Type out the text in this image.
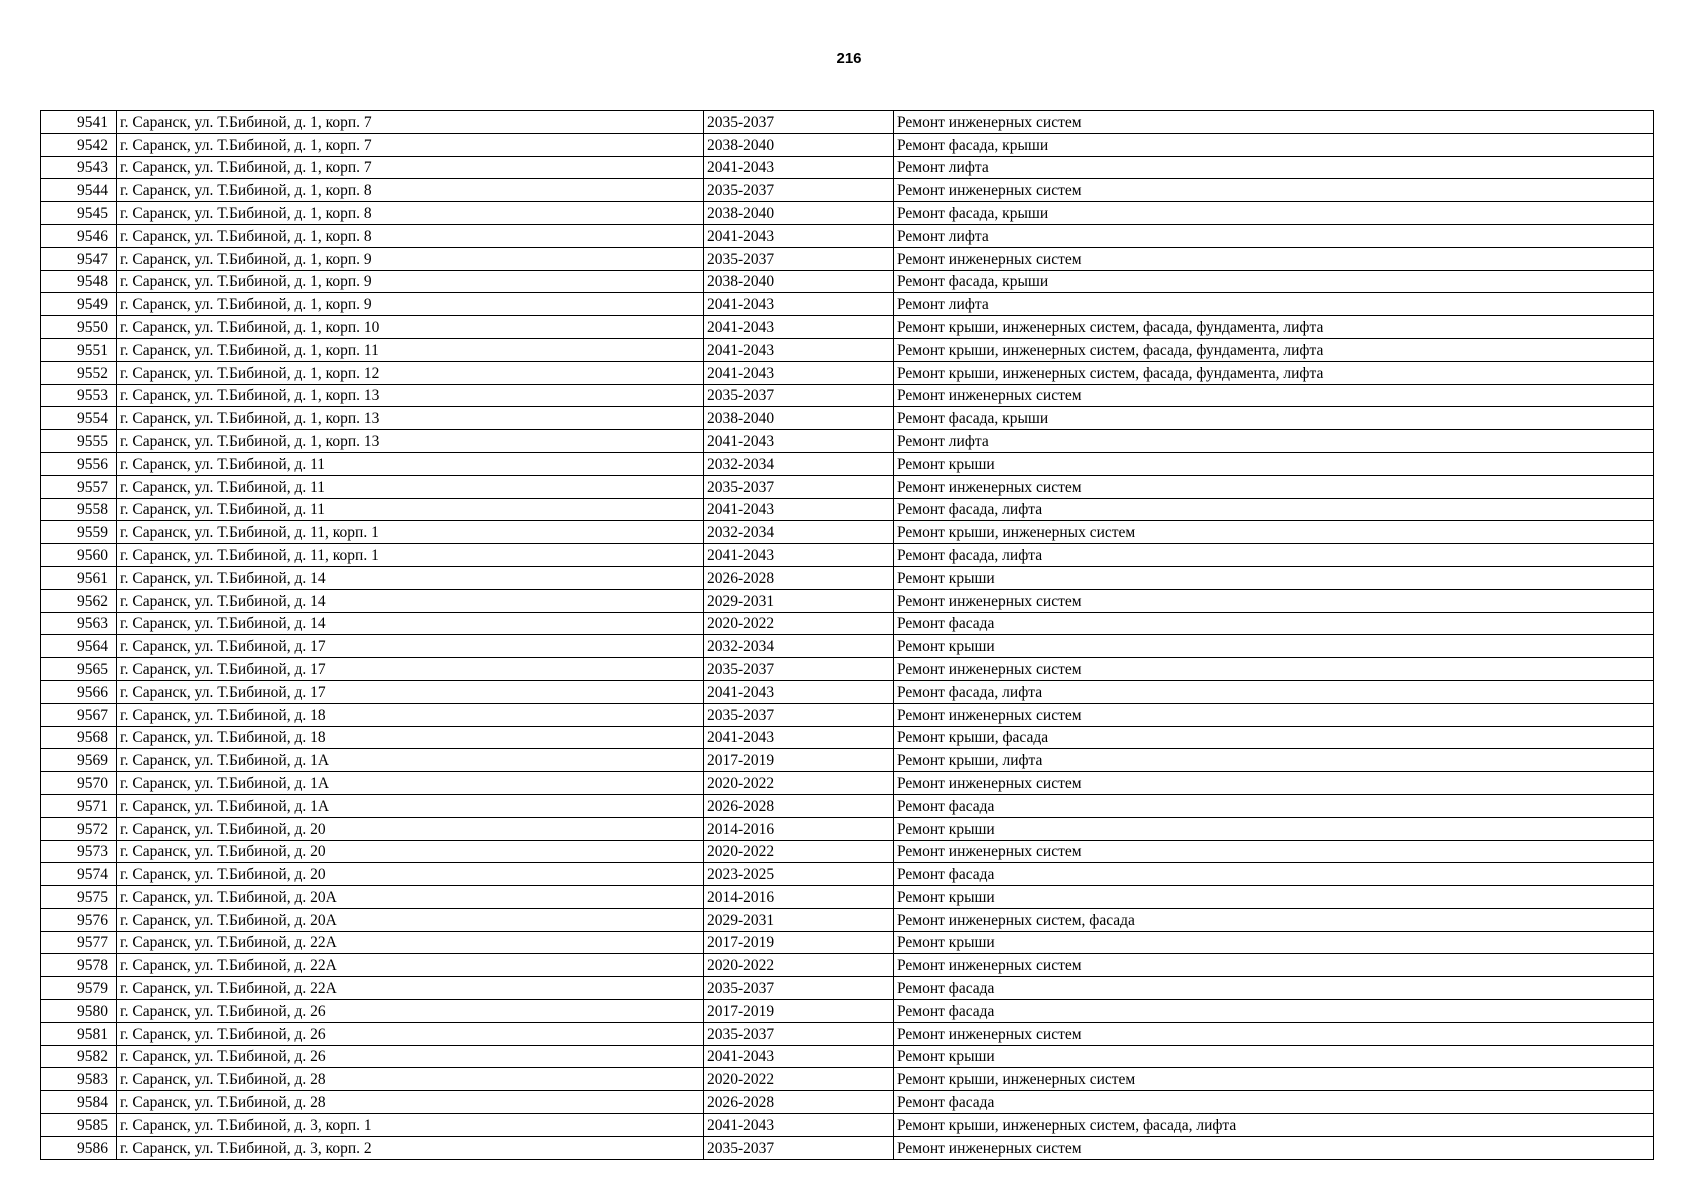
216
9541	г. Саранск, ул. Т.Бибиной, д. 1, корп. 7	2035-2037	Ремонт инженерных систем
9542	г. Саранск, ул. Т.Бибиной, д. 1, корп. 7	2038-2040	Ремонт фасада, крыши
9543	г. Саранск, ул. Т.Бибиной, д. 1, корп. 7	2041-2043	Ремонт лифта
9544	г. Саранск, ул. Т.Бибиной, д. 1, корп. 8	2035-2037	Ремонт инженерных систем
9545	г. Саранск, ул. Т.Бибиной, д. 1, корп. 8	2038-2040	Ремонт фасада, крыши
9546	г. Саранск, ул. Т.Бибиной, д. 1, корп. 8	2041-2043	Ремонт лифта
9547	г. Саранск, ул. Т.Бибиной, д. 1, корп. 9	2035-2037	Ремонт инженерных систем
9548	г. Саранск, ул. Т.Бибиной, д. 1, корп. 9	2038-2040	Ремонт фасада, крыши
9549	г. Саранск, ул. Т.Бибиной, д. 1, корп. 9	2041-2043	Ремонт лифта
9550	г. Саранск, ул. Т.Бибиной, д. 1, корп. 10	2041-2043	Ремонт крыши, инженерных систем, фасада, фундамента, лифта
9551	г. Саранск, ул. Т.Бибиной, д. 1, корп. 11	2041-2043	Ремонт крыши, инженерных систем, фасада, фундамента, лифта
9552	г. Саранск, ул. Т.Бибиной, д. 1, корп. 12	2041-2043	Ремонт крыши, инженерных систем, фасада, фундамента, лифта
9553	г. Саранск, ул. Т.Бибиной, д. 1, корп. 13	2035-2037	Ремонт инженерных систем
9554	г. Саранск, ул. Т.Бибиной, д. 1, корп. 13	2038-2040	Ремонт фасада, крыши
9555	г. Саранск, ул. Т.Бибиной, д. 1, корп. 13	2041-2043	Ремонт лифта
9556	г. Саранск, ул. Т.Бибиной, д. 11	2032-2034	Ремонт крыши
9557	г. Саранск, ул. Т.Бибиной, д. 11	2035-2037	Ремонт инженерных систем
9558	г. Саранск, ул. Т.Бибиной, д. 11	2041-2043	Ремонт фасада, лифта
9559	г. Саранск, ул. Т.Бибиной, д. 11, корп. 1	2032-2034	Ремонт крыши, инженерных систем
9560	г. Саранск, ул. Т.Бибиной, д. 11, корп. 1	2041-2043	Ремонт фасада, лифта
9561	г. Саранск, ул. Т.Бибиной, д. 14	2026-2028	Ремонт крыши
9562	г. Саранск, ул. Т.Бибиной, д. 14	2029-2031	Ремонт инженерных систем
9563	г. Саранск, ул. Т.Бибиной, д. 14	2020-2022	Ремонт фасада
9564	г. Саранск, ул. Т.Бибиной, д. 17	2032-2034	Ремонт крыши
9565	г. Саранск, ул. Т.Бибиной, д. 17	2035-2037	Ремонт инженерных систем
9566	г. Саранск, ул. Т.Бибиной, д. 17	2041-2043	Ремонт фасада, лифта
9567	г. Саранск, ул. Т.Бибиной, д. 18	2035-2037	Ремонт инженерных систем
9568	г. Саранск, ул. Т.Бибиной, д. 18	2041-2043	Ремонт крыши, фасада
9569	г. Саранск, ул. Т.Бибиной, д. 1А	2017-2019	Ремонт крыши, лифта
9570	г. Саранск, ул. Т.Бибиной, д. 1А	2020-2022	Ремонт инженерных систем
9571	г. Саранск, ул. Т.Бибиной, д. 1А	2026-2028	Ремонт фасада
9572	г. Саранск, ул. Т.Бибиной, д. 20	2014-2016	Ремонт крыши
9573	г. Саранск, ул. Т.Бибиной, д. 20	2020-2022	Ремонт инженерных систем
9574	г. Саранск, ул. Т.Бибиной, д. 20	2023-2025	Ремонт фасада
9575	г. Саранск, ул. Т.Бибиной, д. 20А	2014-2016	Ремонт крыши
9576	г. Саранск, ул. Т.Бибиной, д. 20А	2029-2031	Ремонт инженерных систем, фасада
9577	г. Саранск, ул. Т.Бибиной, д. 22А	2017-2019	Ремонт крыши
9578	г. Саранск, ул. Т.Бибиной, д. 22А	2020-2022	Ремонт инженерных систем
9579	г. Саранск, ул. Т.Бибиной, д. 22А	2035-2037	Ремонт фасада
9580	г. Саранск, ул. Т.Бибиной, д. 26	2017-2019	Ремонт фасада
9581	г. Саранск, ул. Т.Бибиной, д. 26	2035-2037	Ремонт инженерных систем
9582	г. Саранск, ул. Т.Бибиной, д. 26	2041-2043	Ремонт крыши
9583	г. Саранск, ул. Т.Бибиной, д. 28	2020-2022	Ремонт крыши, инженерных систем
9584	г. Саранск, ул. Т.Бибиной, д. 28	2026-2028	Ремонт фасада
9585	г. Саранск, ул. Т.Бибиной, д. 3, корп. 1	2041-2043	Ремонт крыши, инженерных систем, фасада, лифта
9586	г. Саранск, ул. Т.Бибиной, д. 3, корп. 2	2035-2037	Ремонт инженерных систем
